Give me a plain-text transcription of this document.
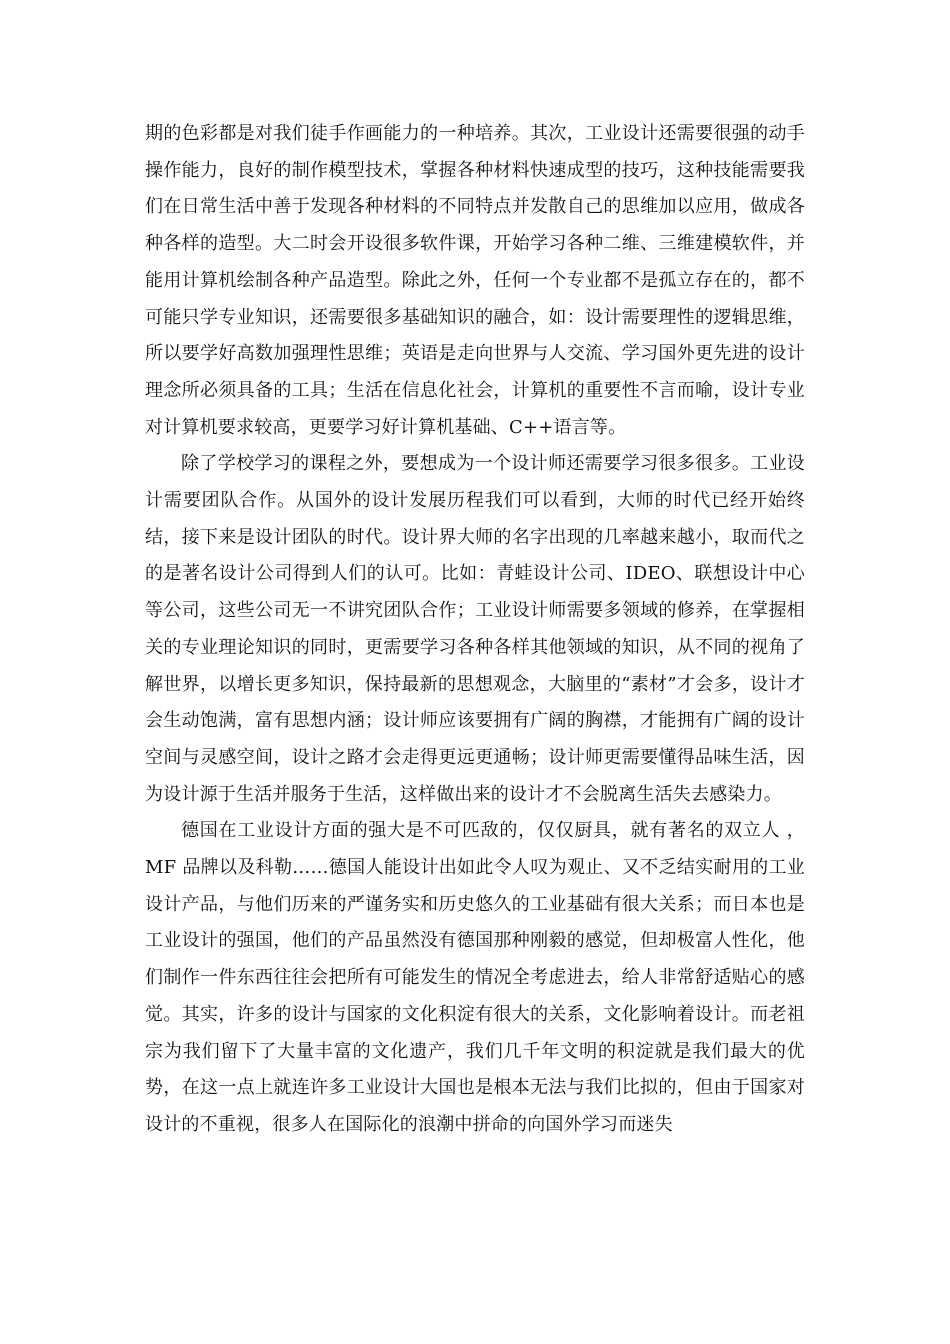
期的色彩都是对我们徒手作画能力的一种培养。其次，工业设计还需要很强的动手操作能力，良好的制作模型技术，掌握各种材料快速成型的技巧，这种技能需要我们在日常生活中善于发现各种材料的不同特点并发散自己的思维加以应用，做成各种各样的造型。大二时会开设很多软件课，开始学习各种二维、三维建模软件，并能用计算机绘制各种产品造型。除此之外，任何一个专业都不是孤立存在的，都不可能只学专业知识，还需要很多基础知识的融合，如：设计需要理性的逻辑思维，所以要学好高数加强理性思维；英语是走向世界与人交流、学习国外更先进的设计理念所必须具备的工具；生活在信息化社会，计算机的重要性不言而喻，设计专业对计算机要求较高，更要学习好计算机基础、C++语言等。

除了学校学习的课程之外，要想成为一个设计师还需要学习很多很多。工业设计需要团队合作。从国外的设计发展历程我们可以看到，大师的时代已经开始终结，接下来是设计团队的时代。设计界大师的名字出现的几率越来越小，取而代之的是著名设计公司得到人们的认可。比如：青蛙设计公司、IDEO、联想设计中心等公司，这些公司无一不讲究团队合作；工业设计师需要多领域的修养，在掌握相关的专业理论知识的同时，更需要学习各种各样其他领域的知识，从不同的视角了解世界，以增长更多知识，保持最新的思想观念，大脑里的“素材”才会多，设计才会生动饱满，富有思想内涵；设计师应该要拥有广阔的胸襟，才能拥有广阔的设计空间与灵感空间，设计之路才会走得更远更通畅；设计师更需要懂得品味生活，因为设计源于生活并服务于生活，这样做出来的设计才不会脱离生活失去感染力。

德国在工业设计方面的强大是不可匹敌的，仅仅厨具，就有著名的双立人 ，MF 品牌以及科勒……德国人能设计出如此令人叹为观止、又不乏结实耐用的工业设计产品，与他们历来的严谨务实和历史悠久的工业基础有很大关系；而日本也是工业设计的强国，他们的产品虽然没有德国那种刚毅的感觉，但却极富人性化，他们制作一件东西往往会把所有可能发生的情况全考虑进去，给人非常舒适贴心的感觉。其实，许多的设计与国家的文化积淀有很大的关系，文化影响着设计。而老祖宗为我们留下了大量丰富的文化遗产，我们几千年文明的积淀就是我们最大的优势，在这一点上就连许多工业设计大国也是根本无法与我们比拟的，但由于国家对设计的不重视，很多人在国际化的浪潮中拼命的向国外学习而迷失
